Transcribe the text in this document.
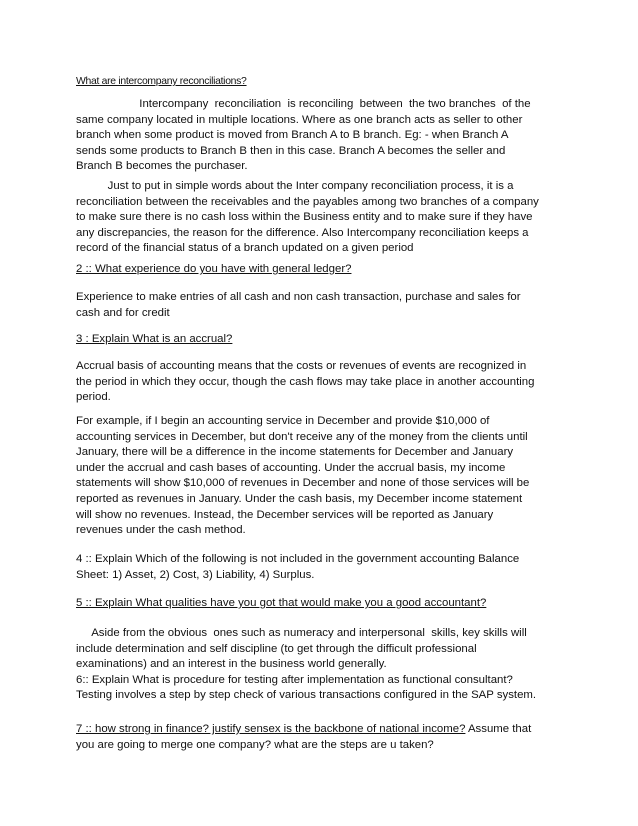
What are intercompany reconciliations?

Intercompany  reconciliation  is reconciling  between  the two branches  of the
same company located in multiple locations. Where as one branch acts as seller to other
branch when some product is moved from Branch A to B branch. Eg: - when Branch A
sends some products to Branch B then in this case. Branch A becomes the seller and
Branch B becomes the purchaser.
Just to put in simple words about the Inter company reconciliation process, it is a
reconciliation between the receivables and the payables among two branches of a company
to make sure there is no cash loss within the Business entity and to make sure if they have
any discrepancies, the reason for the difference. Also Intercompany reconciliation keeps a
record of the financial status of a branch updated on a given period

2 :: What experience do you have with general ledger?

Experience to make entries of all cash and non cash transaction, purchase and sales for
cash and for credit

3 : Explain What is an accrual?

Accrual basis of accounting means that the costs or revenues of events are recognized in
the period in which they occur, though the cash flows may take place in another accounting
period.
For example, if I begin an accounting service in December and provide $10,000 of
accounting services in December, but don't receive any of the money from the clients until
January, there will be a difference in the income statements for December and January
under the accrual and cash bases of accounting. Under the accrual basis, my income
statements will show $10,000 of revenues in December and none of those services will be
reported as revenues in January. Under the cash basis, my December income statement
will show no revenues. Instead, the December services will be reported as January
revenues under the cash method.
4 :: Explain Which of the following is not included in the government accounting Balance
Sheet: 1) Asset, 2) Cost, 3) Liability, 4) Surplus.

5 :: Explain What qualities have you got that would make you a good accountant?

Aside from the obvious  ones such as numeracy and interpersonal  skills, key skills will
include determination and self discipline (to get through the difficult professional
examinations) and an interest in the business world generally.
6:: Explain What is procedure for testing after implementation as functional consultant?
Testing involves a step by step check of various transactions configured in the SAP system.
7 :: how strong in finance? justify sensex is the backbone of national income? Assume that
you are going to merge one company? what are the steps are u taken?
